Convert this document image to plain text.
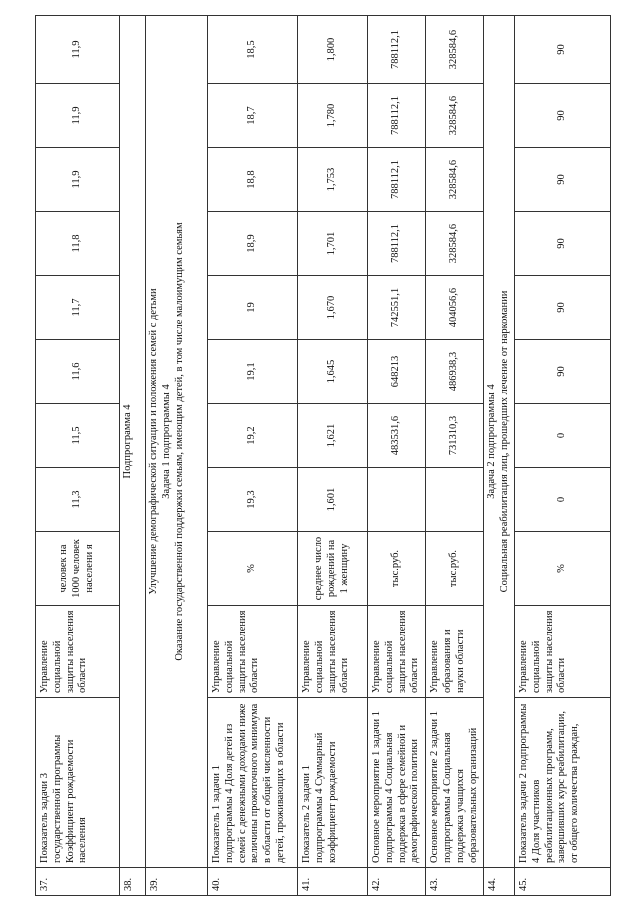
37.	Показатель задачи 3 государственной программы Коэффициент рождаемости населения	Управление социальной защиты населения области	человек на 1000 человек населени я	11,3	11,5	11,6	11,7	11,8	11,9	11,9	11,9
38.	Подпрограмма 4										
39.	Улучшение демографической ситуации и положения семей с детьми Задача 1 подпрограммы 4 Оказание государственной поддержки семьям, имеющим детей, в том числе малоимущим семьям										

40.	Показатель 1 задачи 1 подпрограммы 4 Доля детей из семей с денежными доходами ниже величины прожиточного минимума в области от общей численности детей, проживающих в области	Управление социальной защиты населения области	%	19,3	19,2	19,1	19	18,9	18,8	18,7	18,5
41.	Показатель 2 задачи 1 подпрограммы 4 Суммарный коэффициент рождаемости	Управление социальной защиты населения области	среднее число рождений на 1 женщину	1,601	1,621	1,645	1,670	1,701	1,753	1,780	1,800
42.	Основное мероприятие 1 задачи 1 подпрограммы 4 Социальная поддержка в сфере семейной и демографической политики	Управление социальной защиты населения области	тыс.руб.		483531,6	648213	742551,1	788112,1	788112,1	788112,1	788112,1
43.	Основное мероприятие 2 задачи 1 подпрограммы 4 Социальная поддержка учащихся образовательных организаций	Управление образования и науки области	тыс.руб.		731310,3	486938,3	404056,6	328584,6	328584,6	328584,6	328584,6
44.	Задача 2 подпрограммы 4 Социальная реабилитация лиц, прошедших лечение от наркомании										

45.	Показатель задачи 2 подпрограммы 4 Доля участников реабилитационных программ, завершивших курс реабилитации, от общего количества граждан,	Управление социальной защиты населения области	%	0	0	90	90	90	90	90	90
